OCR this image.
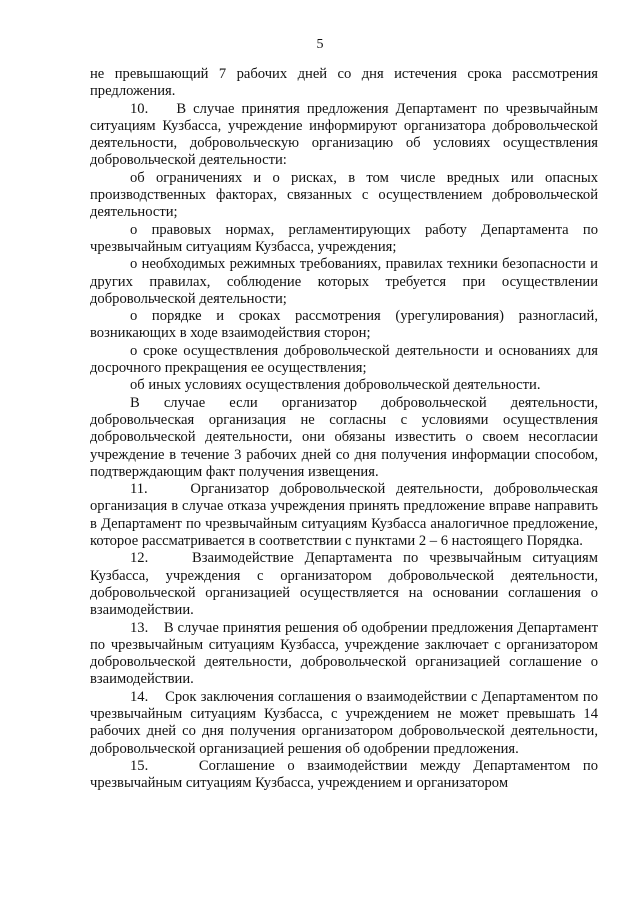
5

не превышающий 7 рабочих дней со дня истечения срока рассмотрения предложения.

10.    В случае принятия предложения Департамент по чрезвычайным ситуациям Кузбасса, учреждение информируют организатора добровольческой деятельности, добровольческую организацию об условиях осуществления добровольческой деятельности:

об ограничениях и о рисках, в том числе вредных или опасных производственных факторах, связанных с осуществлением добровольческой деятельности;

о правовых нормах, регламентирующих работу Департамента по чрезвычайным ситуациям Кузбасса, учреждения;

о необходимых режимных требованиях, правилах техники безопасности и других правилах, соблюдение которых требуется при осуществлении добровольческой деятельности;

о порядке и сроках рассмотрения (урегулирования) разногласий, возникающих в ходе взаимодействия сторон;

о сроке осуществления добровольческой деятельности и основаниях для досрочного прекращения ее осуществления;

об иных условиях осуществления добровольческой деятельности.

В случае если организатор добровольческой деятельности, добровольческая организация не согласны с условиями осуществления добровольческой деятельности, они обязаны известить о своем несогласии учреждение в течение 3 рабочих дней со дня получения информации способом, подтверждающим факт получения извещения.

11.    Организатор добровольческой деятельности, добровольческая организация в случае отказа учреждения принять предложение вправе направить в Департамент по чрезвычайным ситуациям Кузбасса аналогичное предложение, которое рассматривается в соответствии с пунктами 2 – 6 настоящего Порядка.

12.    Взаимодействие Департамента по чрезвычайным ситуациям Кузбасса, учреждения с организатором добровольческой деятельности, добровольческой организацией осуществляется на основании соглашения о взаимодействии.

13.    В случае принятия решения об одобрении предложения Департамент по чрезвычайным ситуациям Кузбасса, учреждение заключает с организатором добровольческой деятельности, добровольческой организацией соглашение о взаимодействии.

14.    Срок заключения соглашения о взаимодействии с Департаментом по чрезвычайным ситуациям Кузбасса, с учреждением не может превышать 14 рабочих дней со дня получения организатором добровольческой деятельности, добровольческой организацией решения об одобрении предложения.

15.    Соглашение о взаимодействии между Департаментом по чрезвычайным ситуациям Кузбасса, учреждением и организатором
